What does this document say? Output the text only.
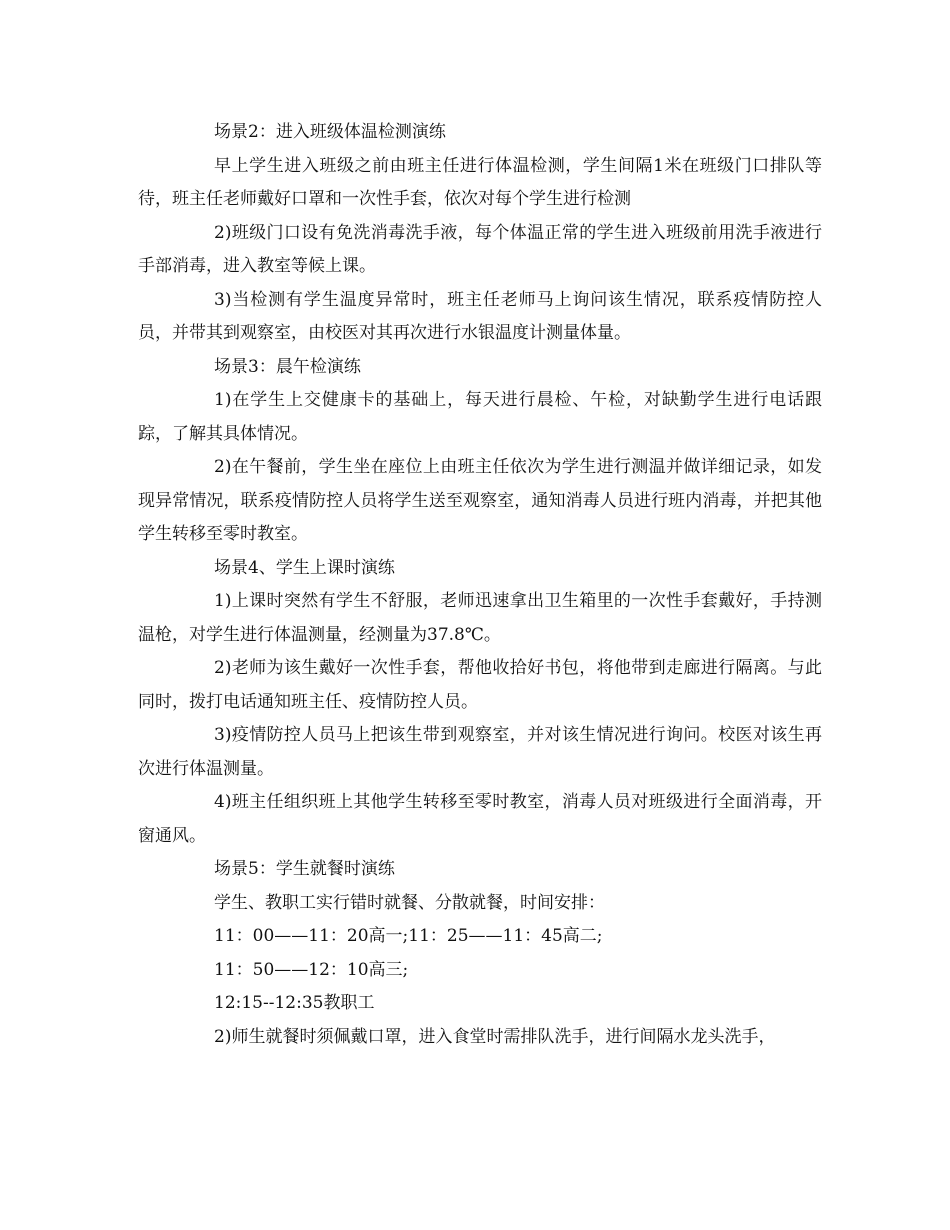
场景2：进入班级体温检测演练

早上学生进入班级之前由班主任进行体温检测，学生间隔1米在班级门口排队等待，班主任老师戴好口罩和一次性手套，依次对每个学生进行检测

2)班级门口设有免洗消毒洗手液，每个体温正常的学生进入班级前用洗手液进行手部消毒，进入教室等候上课。

3)当检测有学生温度异常时，班主任老师马上询问该生情况，联系疫情防控人员，并带其到观察室，由校医对其再次进行水银温度计测量体量。

场景3：晨午检演练

1)在学生上交健康卡的基础上，每天进行晨检、午检，对缺勤学生进行电话跟踪，了解其具体情况。

2)在午餐前，学生坐在座位上由班主任依次为学生进行测温并做详细记录，如发现异常情况，联系疫情防控人员将学生送至观察室，通知消毒人员进行班内消毒，并把其他学生转移至零时教室。

场景4、学生上课时演练

1)上课时突然有学生不舒服，老师迅速拿出卫生箱里的一次性手套戴好，手持测温枪，对学生进行体温测量，经测量为37.8℃。

2)老师为该生戴好一次性手套，帮他收拾好书包，将他带到走廊进行隔离。与此同时，拨打电话通知班主任、疫情防控人员。

3)疫情防控人员马上把该生带到观察室，并对该生情况进行询问。校医对该生再次进行体温测量。

4)班主任组织班上其他学生转移至零时教室，消毒人员对班级进行全面消毒，开窗通风。

场景5：学生就餐时演练

学生、教职工实行错时就餐、分散就餐，时间安排：

11：00——11：20高一;11：25——11：45高二;

11：50——12：10高三;

12:15--12:35教职工

2)师生就餐时须佩戴口罩，进入食堂时需排队洗手，进行间隔水龙头洗手，
